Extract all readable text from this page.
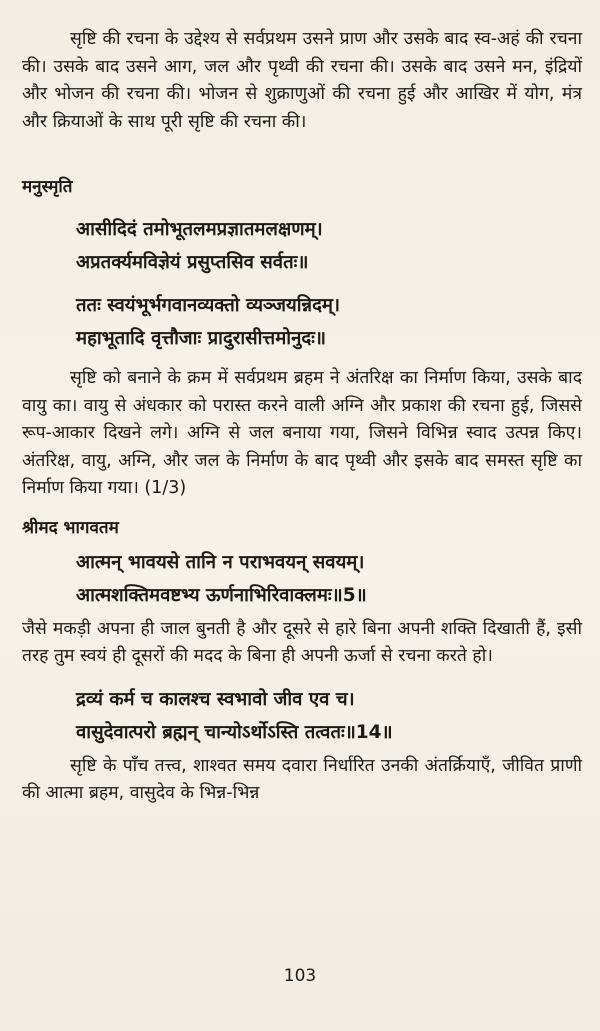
सृष्टि की रचना के उद्देश्य से सर्वप्रथम उसने प्राण और उसके बाद स्व-अहं की रचना की। उसके बाद उसने आग, जल और पृथ्वी की रचना की। उसके बाद उसने मन, इंद्रियों और भोजन की रचना की। भोजन से शुक्राणुओं की रचना हुई और आखिर में योग, मंत्र और क्रियाओं के साथ पूरी सृष्टि की रचना की।

मनुस्मृति

आसीदिदं तमोभूतलमप्रज्ञातमलक्षणम्।

अप्रतर्क्यमविज्ञेयं प्रसुप्तसिव सर्वतः॥

ततः स्वयंभूर्भगवानव्यक्तो व्यञ्जयन्निदम्।

महाभूतादि वृत्तौजाः प्रादुरासीत्तमोनुदः॥

सृष्टि को बनाने के क्रम में सर्वप्रथम ब्रहम ने अंतरिक्ष का निर्माण किया, उसके बाद वायु का। वायु से अंधकार को परास्त करने वाली अग्नि और प्रकाश की रचना हुई, जिससे रूप-आकार दिखने लगे। अग्नि से जल बनाया गया, जिसने विभिन्न स्वाद उत्पन्न किए। अंतरिक्ष, वायु, अग्नि, और जल के निर्माण के बाद पृथ्वी और इसके बाद समस्त सृष्टि का निर्माण किया गया। (1/3)

श्रीमद भागवतम

आत्मन् भावयसे तानि न पराभवयन् सवयम्।

आत्मशक्तिमवष्टभ्य ऊर्णनाभिरिवाक्लमः॥5॥

जैसे मकड़ी अपना ही जाल बुनती है और दूसरे से हारे बिना अपनी शक्ति दिखाती हैं, इसी तरह तुम स्वयं ही दूसरों की मदद के बिना ही अपनी ऊर्जा से रचना करते हो।

द्रव्यं कर्म च कालश्च स्वभावो जीव एव च।

वासुदेवात्परो ब्रह्मन् चान्योऽर्थोऽस्ति तत्वतः॥14॥

सृष्टि के पाँच तत्त्व, शाश्वत समय दवारा निर्धारित उनकी अंतर्क्रियाएँ, जीवित प्राणी की आत्मा ब्रहम, वासुदेव के भिन्न-भिन्न

103
